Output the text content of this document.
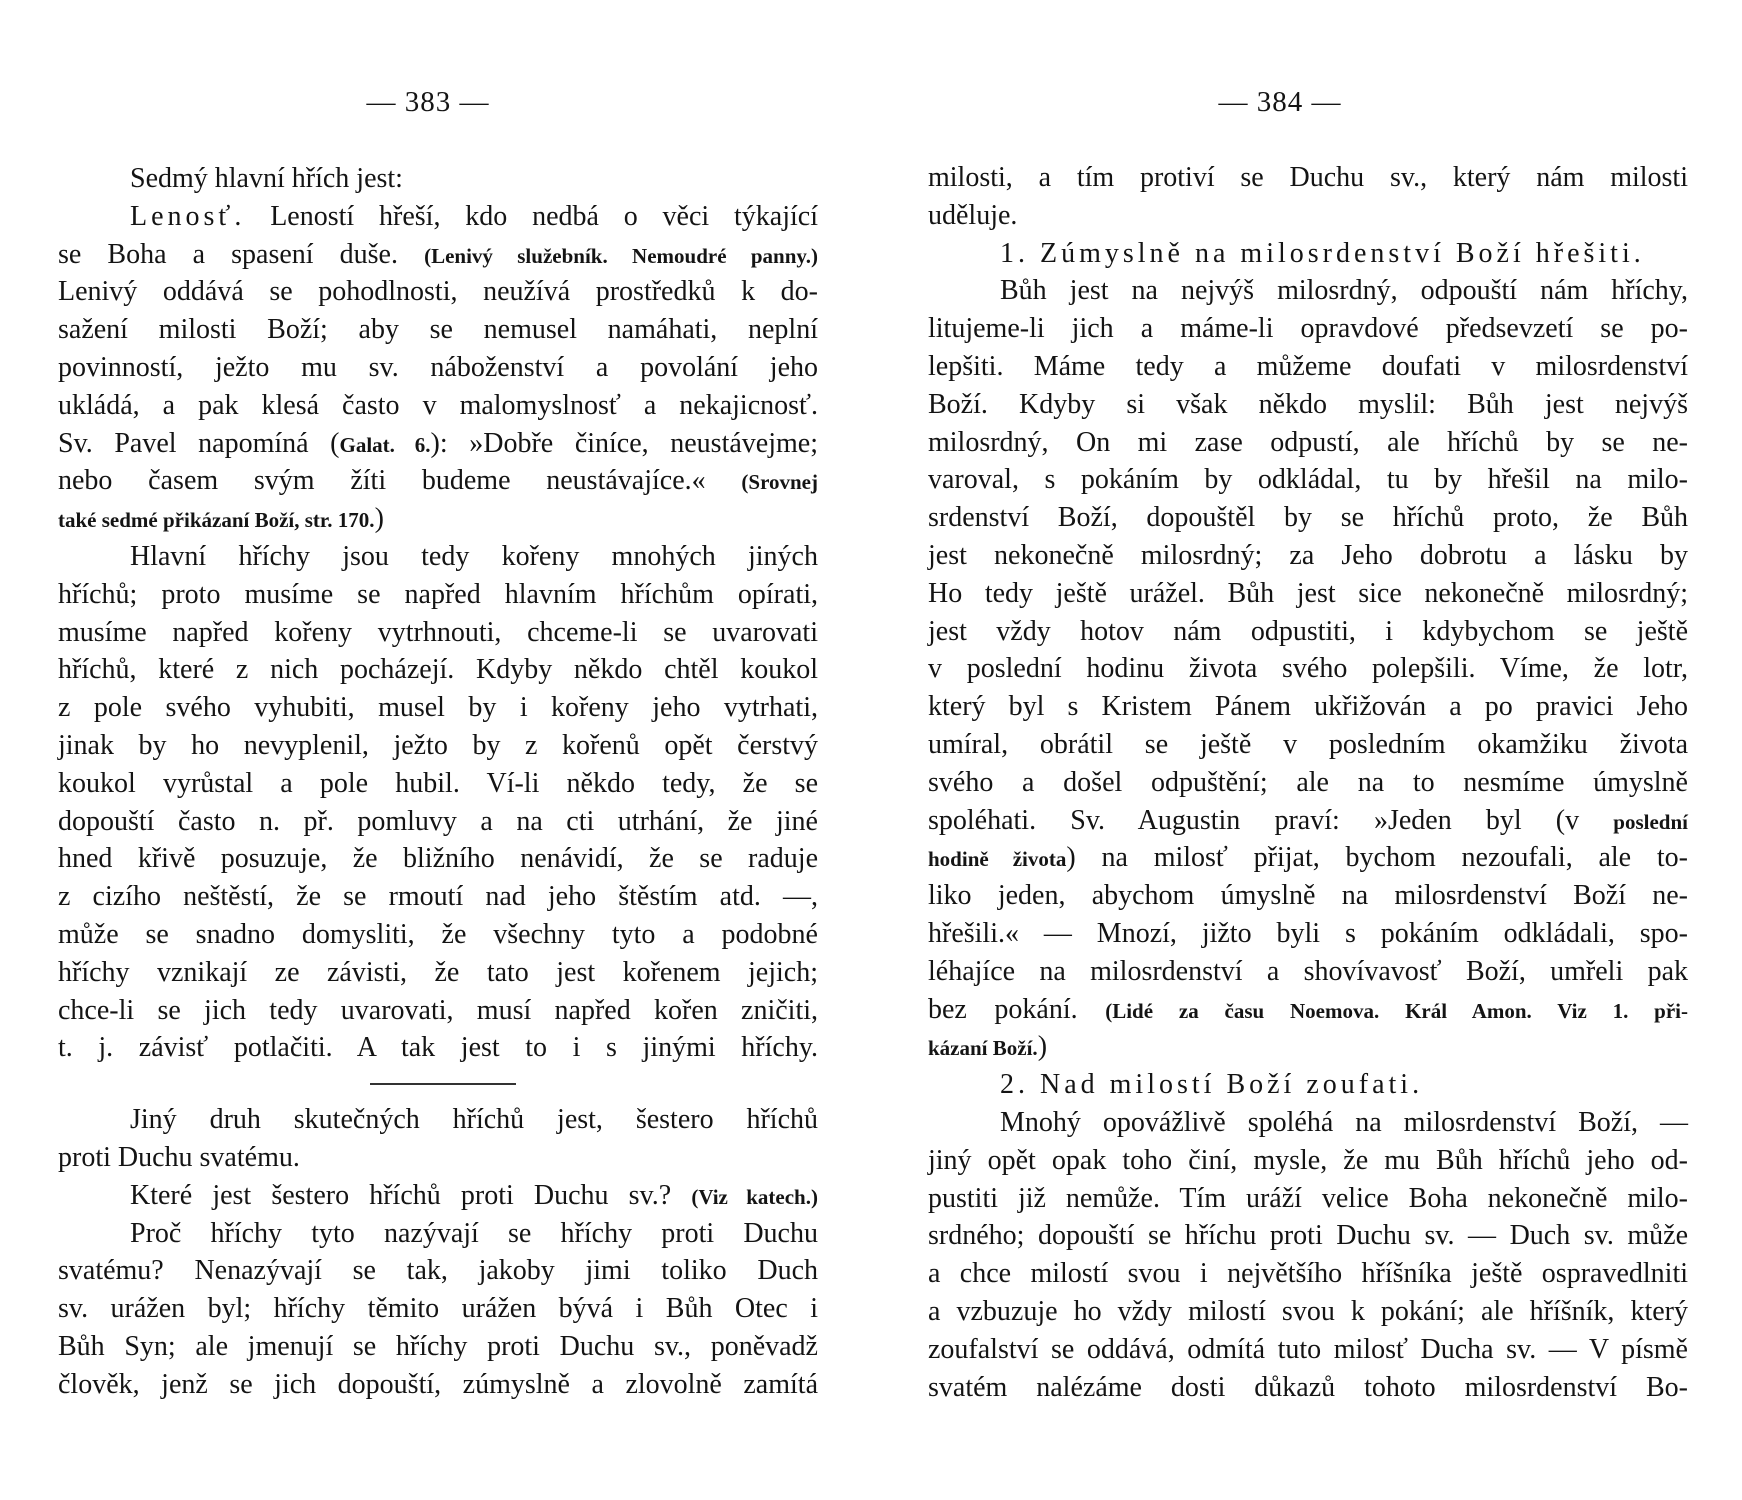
— 383 —
Sedmý hlavní hřích jest:
Lenosť. Leností hřeší, kdo nedbá o věci týkající
se Boha a spasení duše. (Lenivý služebník. Nemoudré panny.)
Lenivý oddává se pohodlnosti, neužívá prostředků k do-
sažení milosti Boží; aby se nemusel namáhati, neplní
povinností, ježto mu sv. náboženství a povolání jeho
ukládá, a pak klesá často v malomyslnosť a nekajicnosť.
Sv. Pavel napomíná (Galat. 6.): »Dobře činíce, neustávejme;
nebo časem svým žíti budeme neustávajíce.« (Srovnej
také sedmé přikázaní Boží, str. 170.)
Hlavní hříchy jsou tedy kořeny mnohých jiných
hříchů; proto musíme se napřed hlavním hříchům opírati,
musíme napřed kořeny vytrhnouti, chceme-li se uvarovati
hříchů, které z nich pocházejí. Kdyby někdo chtěl koukol
z pole svého vyhubiti, musel by i kořeny jeho vytrhati,
jinak by ho nevyplenil, ježto by z kořenů opět čerstvý
koukol vyrůstal a pole hubil. Ví-li někdo tedy, že se
dopouští často n. př. pomluvy a na cti utrhání, že jiné
hned křivě posuzuje, že bližního nenávidí, že se raduje
z cizího neštěstí, že se rmoutí nad jeho štěstím atd. —,
může se snadno domysliti, že všechny tyto a podobné
hříchy vznikají ze závisti, že tato jest kořenem jejich;
chce-li se jich tedy uvarovati, musí napřed kořen zničiti,
t. j. závisť potlačiti. A tak jest to i s jinými hříchy.
Jiný druh skutečných hříchů jest, šestero hříchů
proti Duchu svatému.
Které jest šestero hříchů proti Duchu sv.? (Viz katech.)
Proč hříchy tyto nazývají se hříchy proti Duchu
svatému? Nenazývají se tak, jakoby jimi toliko Duch
sv. urážen byl; hříchy těmito urážen bývá i Bůh Otec i
Bůh Syn; ale jmenují se hříchy proti Duchu sv., poněvadž
člověk, jenž se jich dopouští, zúmyslně a zlovolně zamítá
— 384 —
milosti, a tím protiví se Duchu sv., který nám milosti
uděluje.
1. Zúmyslně na milosrdenství Boží hřešiti.
Bůh jest na nejvýš milosrdný, odpouští nám hříchy,
litujeme-li jich a máme-li opravdové předsevzetí se po-
lepšiti. Máme tedy a můžeme doufati v milosrdenství
Boží. Kdyby si však někdo myslil: Bůh jest nejvýš
milosrdný, On mi zase odpustí, ale hříchů by se ne-
varoval, s pokáním by odkládal, tu by hřešil na milo-
srdenství Boží, dopouštěl by se hříchů proto, že Bůh
jest nekonečně milosrdný; za Jeho dobrotu a lásku by
Ho tedy ještě urážel. Bůh jest sice nekonečně milosrdný;
jest vždy hotov nám odpustiti, i kdybychom se ještě
v poslední hodinu života svého polepšili. Víme, že lotr,
který byl s Kristem Pánem ukřižován a po pravici Jeho
umíral, obrátil se ještě v posledním okamžiku života
svého a došel odpuštění; ale na to nesmíme úmyslně
spoléhati. Sv. Augustin praví: »Jeden byl (v poslední
hodině života) na milosť přijat, bychom nezoufali, ale to-
liko jeden, abychom úmyslně na milosrdenství Boží ne-
hřešili.« — Mnozí, jižto byli s pokáním odkládali, spo-
léhajíce na milosrdenství a shovívavosť Boží, umřeli pak
bez pokání. (Lidé za času Noemova. Král Amon. Viz 1. při-
kázaní Boží.)
2. Nad milostí Boží zoufati.
Mnohý opovážlivě spoléhá na milosrdenství Boží, —
jiný opět opak toho činí, mysle, že mu Bůh hříchů jeho od-
pustiti již nemůže. Tím uráží velice Boha nekonečně milo-
srdného; dopouští se hříchu proti Duchu sv. — Duch sv. může
a chce milostí svou i největšího hříšníka ještě ospravedlniti
a vzbuzuje ho vždy milostí svou k pokání; ale hříšník, který
zoufalství se oddává, odmítá tuto milosť Ducha sv. — V písmě
svatém nalézáme dosti důkazů tohoto milosrdenství Bo-
